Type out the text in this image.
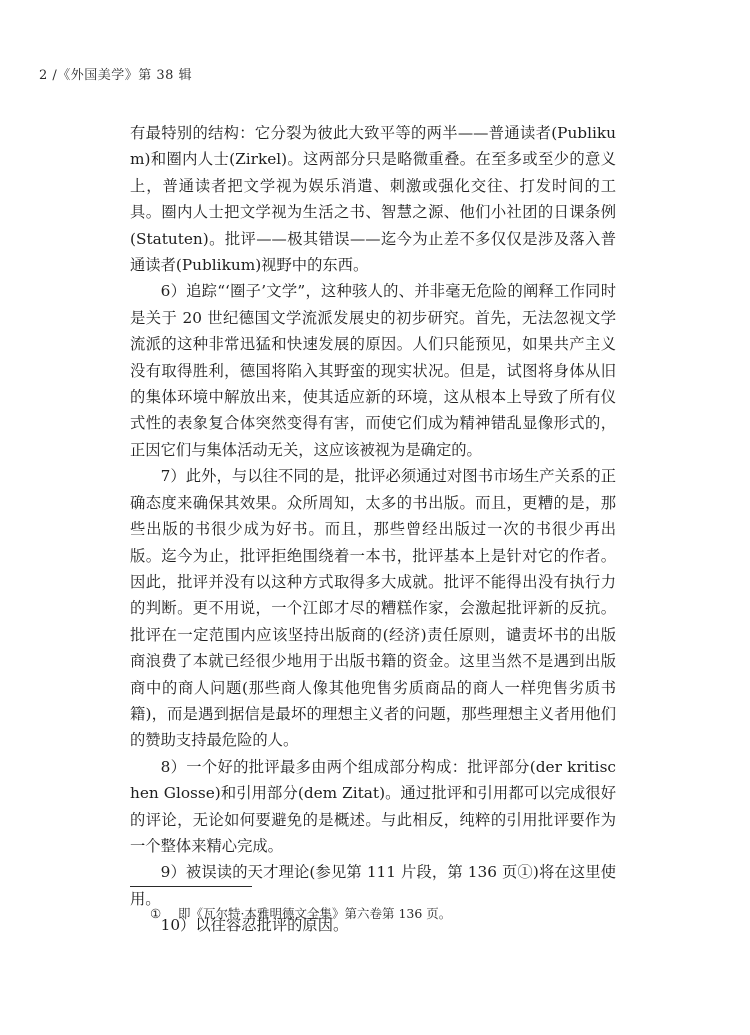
2 /《外国美学》第 38 辑

有最特别的结构：它分裂为彼此大致平等的两半——普通读者(Publikum)和圈内人士(Zirkel)。这两部分只是略微重叠。在至多或至少的意义上，普通读者把文学视为娱乐消遣、刺激或强化交往、打发时间的工具。圈内人士把文学视为生活之书、智慧之源、他们小社团的日课条例(Statuten)。批评——极其错误——迄今为止差不多仅仅是涉及落入普通读者(Publikum)视野中的东西。

6）追踪“‘圈子’文学”，这种骇人的、并非毫无危险的阐释工作同时是关于 20 世纪德国文学流派发展史的初步研究。首先，无法忽视文学流派的这种非常迅猛和快速发展的原因。人们只能预见，如果共产主义没有取得胜利，德国将陷入其野蛮的现实状况。但是，试图将身体从旧的集体环境中解放出来，使其适应新的环境，这从根本上导致了所有仪式性的表象复合体突然变得有害，而使它们成为精神错乱显像形式的，正因它们与集体活动无关，这应该被视为是确定的。

7）此外，与以往不同的是，批评必须通过对图书市场生产关系的正确态度来确保其效果。众所周知，太多的书出版。而且，更糟的是，那些出版的书很少成为好书。而且，那些曾经出版过一次的书很少再出版。迄今为止，批评拒绝围绕着一本书，批评基本上是针对它的作者。因此，批评并没有以这种方式取得多大成就。批评不能得出没有执行力的判断。更不用说，一个江郎才尽的糟糕作家，会激起批评新的反抗。批评在一定范围内应该坚持出版商的(经济)责任原则，谴责坏书的出版商浪费了本就已经很少地用于出版书籍的资金。这里当然不是遇到出版商中的商人问题(那些商人像其他兜售劣质商品的商人一样兜售劣质书籍)，而是遇到据信是最坏的理想主义者的问题，那些理想主义者用他们的赞助支持最危险的人。

8）一个好的批评最多由两个组成部分构成：批评部分(der kritischen Glosse)和引用部分(dem Zitat)。通过批评和引用都可以完成很好的评论，无论如何要避免的是概述。与此相反，纯粹的引用批评要作为一个整体来精心完成。

9）被误读的天才理论(参见第 111 片段，第 136 页①)将在这里使用。

10）以往容忍批评的原因。

① 即《瓦尔特·本雅明德文全集》第六卷第 136 页。
